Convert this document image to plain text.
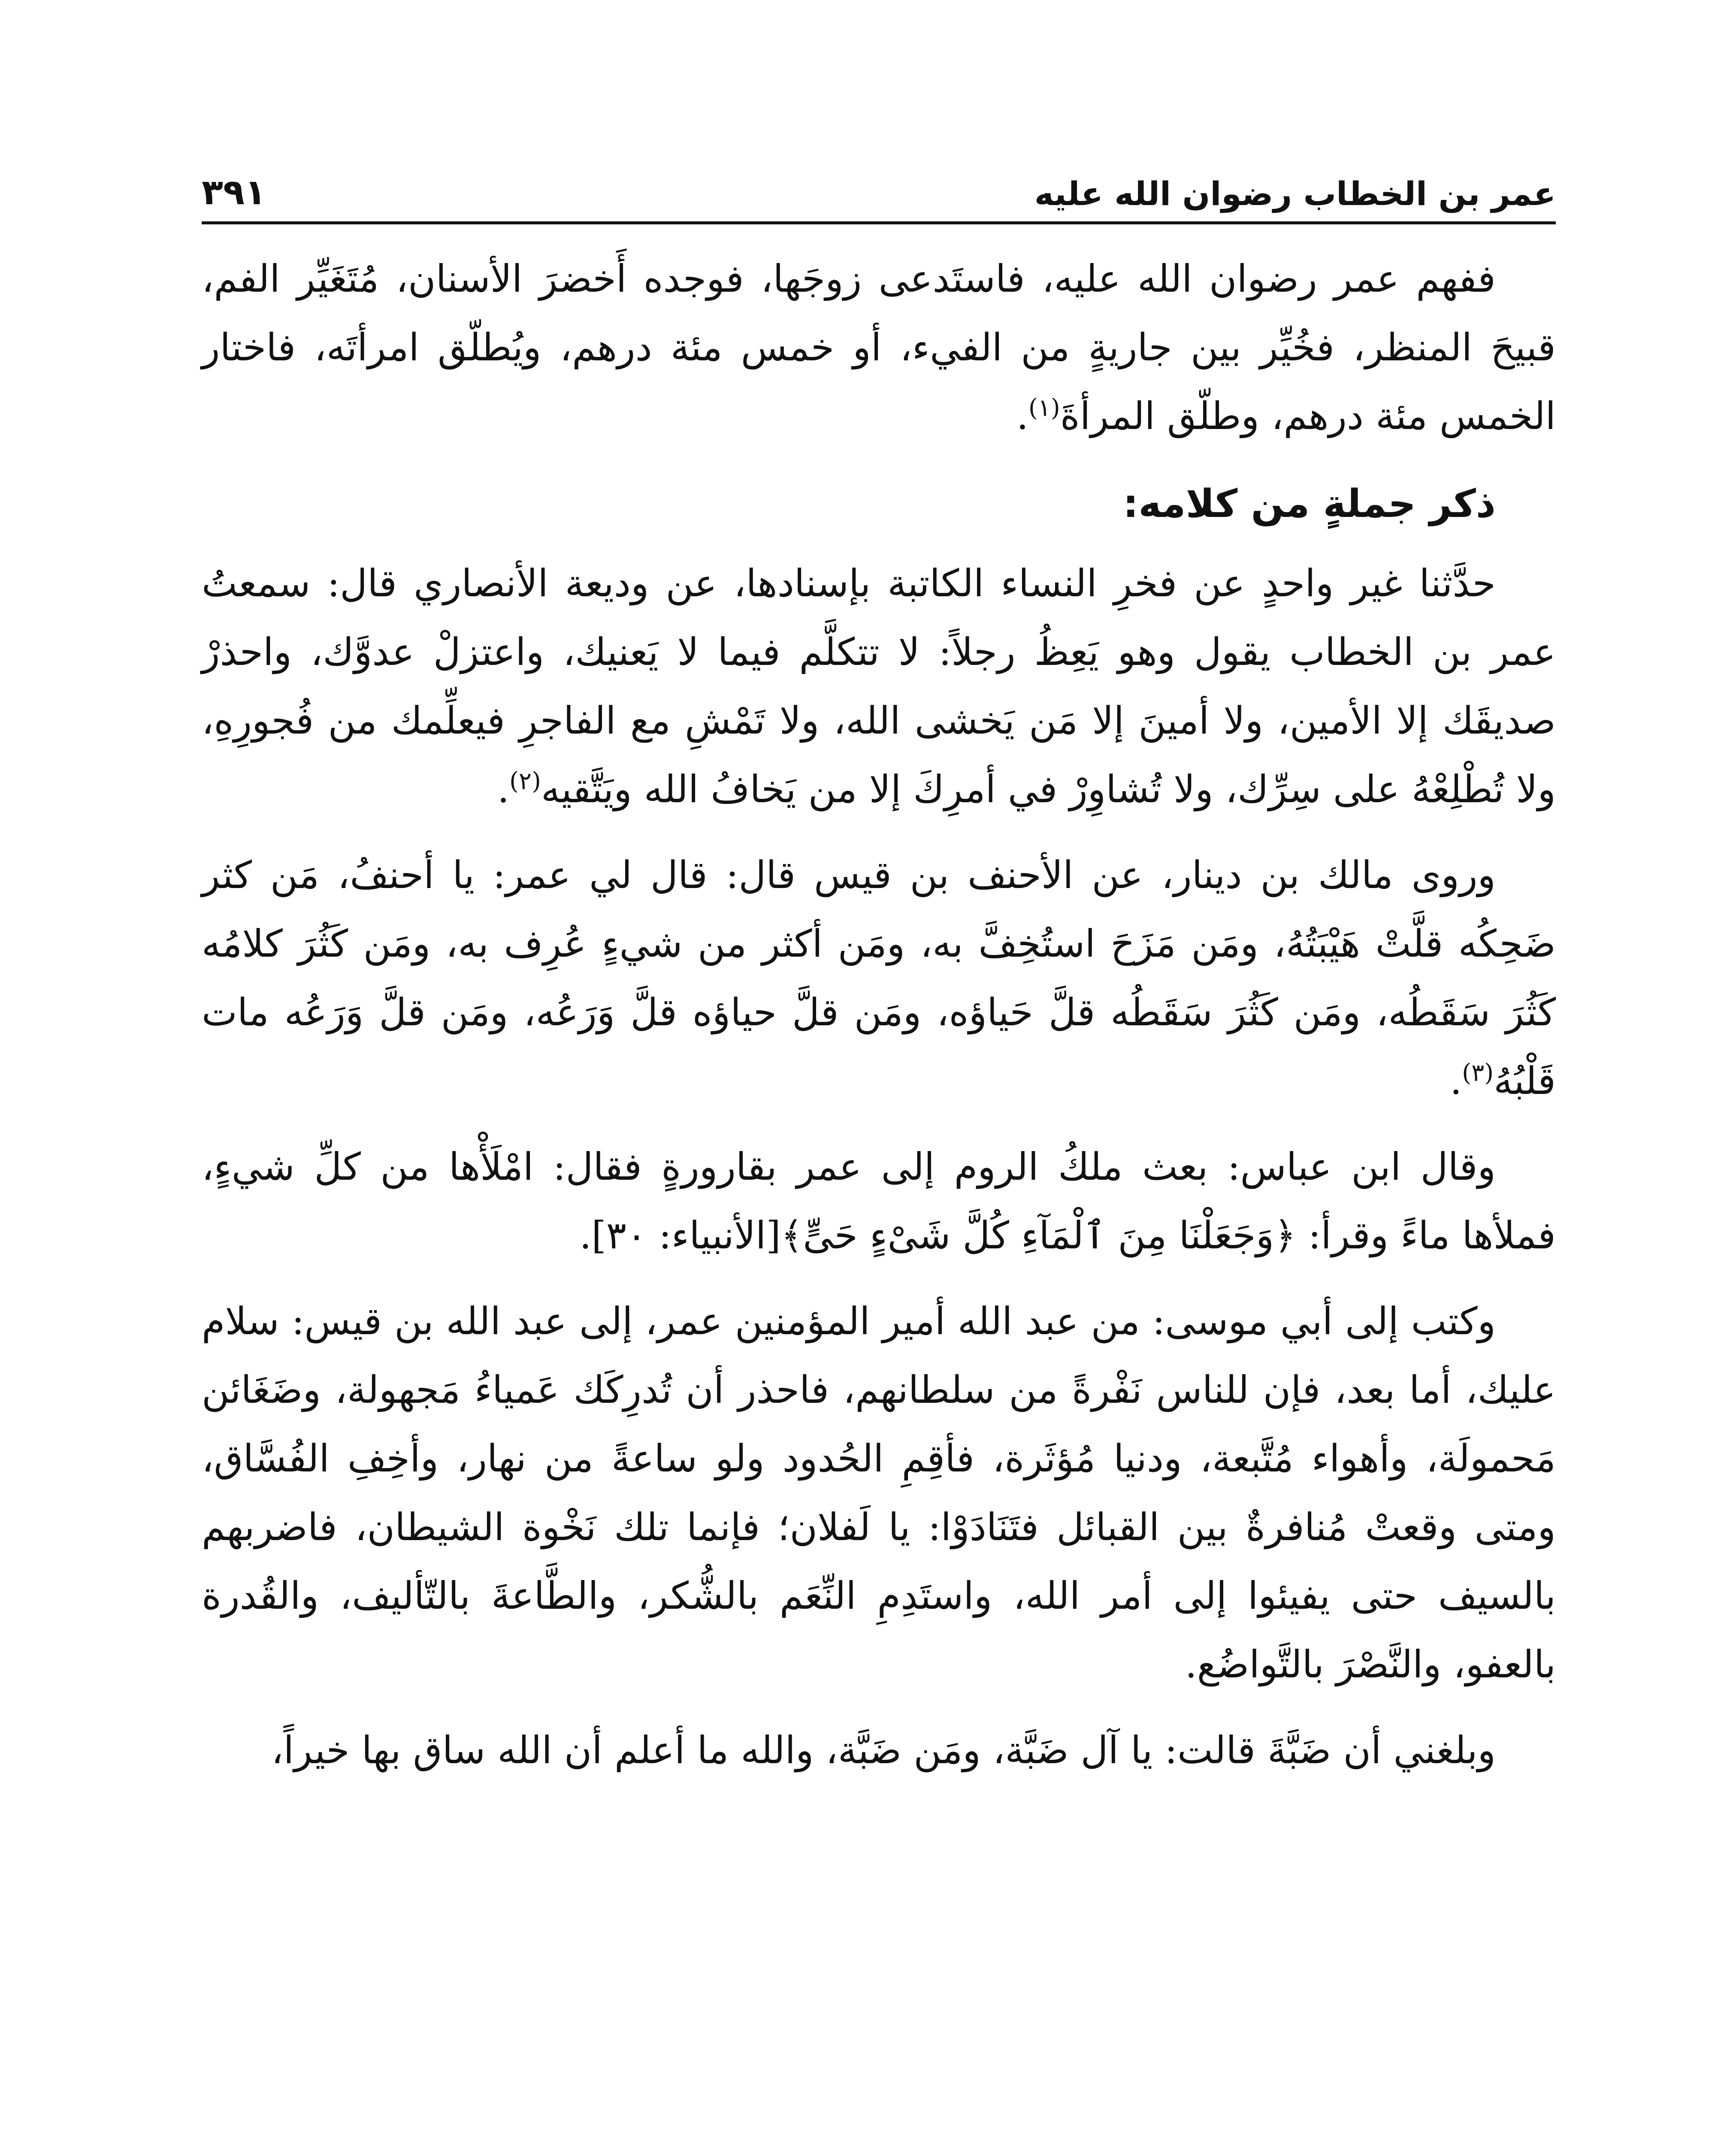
عمر بن الخطاب رضوان الله عليه
٣٩١

ففهم عمر رضوان الله عليه، فاستَدعى زوجَها، فوجده أَخضرَ الأسنان، مُتَغَيِّر الفم، قبيحَ المنظر، فخُيِّر بين جاريةٍ من الفيء، أو خمس مئة درهم، ويُطلّق امرأتَه، فاختار الخمس مئة درهم، وطلّق المرأةَ$^{(١)}$.

ذكر جملةٍ من كلامه:

حدَّثنا غير واحدٍ عن فخرِ النساء الكاتبة بإسنادها، عن وديعة الأنصاري قال: سمعتُ عمر بن الخطاب يقول وهو يَعِظُ رجلاً: لا تتكلَّم فيما لا يَعنيك، واعتزلْ عدوَّك، واحذرْ صديقَك إلا الأمين، ولا أمينَ إلا مَن يَخشى الله، ولا تَمْشِ مع الفاجرِ فيعلِّمك من فُجورِهِ، ولا تُطْلِعْهُ على سِرِّك، ولا تُشاوِرْ في أمرِكَ إلا من يَخافُ الله ويَتَّقيه$^{(٢)}$.

وروى مالك بن دينار، عن الأحنف بن قيس قال: قال لي عمر: يا أحنفُ، مَن كثر ضَحِكُه قلَّتْ هَيْبَتُهُ، ومَن مَزَحَ استُخِفَّ به، ومَن أكثر من شيءٍ عُرِف به، ومَن كَثُرَ كلامُه كَثُرَ سَقَطُه، ومَن كَثُرَ سَقَطُه قلَّ حَياؤه، ومَن قلَّ حياؤه قلَّ وَرَعُه، ومَن قلَّ وَرَعُه مات قَلْبُهُ$^{(٣)}$.

وقال ابن عباس: بعث ملكُ الروم إلى عمر بقارورةٍ فقال: امْلَأْها من كلِّ شيءٍ، فملأها ماءً وقرأ: ﴿وَجَعَلْنَا مِنَ ٱلْمَآءِ كُلَّ شَىْءٍ حَىٍّ﴾[الأنبياء: ٣٠].

وكتب إلى أبي موسى: من عبد الله أمير المؤمنين عمر، إلى عبد الله بن قيس: سلام عليك، أما بعد، فإن للناس نَفْرةً من سلطانهم، فاحذر أن تُدرِكَك عَمياءُ مَجهولة، وضَغَائن مَحمولَة، وأهواء مُتَّبعة، ودنيا مُؤثَرة، فأقِمِ الحُدود ولو ساعةً من نهار، وأخِفِ الفُسَّاق، ومتى وقعتْ مُنافرةٌ بين القبائل فتَنَادَوْا: يا لَفلان؛ فإنما تلك نَخْوة الشيطان، فاضربهم بالسيف حتى يفيئوا إلى أمر الله، واستَدِمِ النِّعَم بالشُّكر، والطَّاعةَ بالتّأليف، والقُدرة بالعفو، والنَّصْرَ بالتَّواضُع.

وبلغني أن ضَبَّةَ قالت: يا آل ضَبَّة، ومَن ضَبَّة، والله ما أعلم أن الله ساق بها خيراً،
